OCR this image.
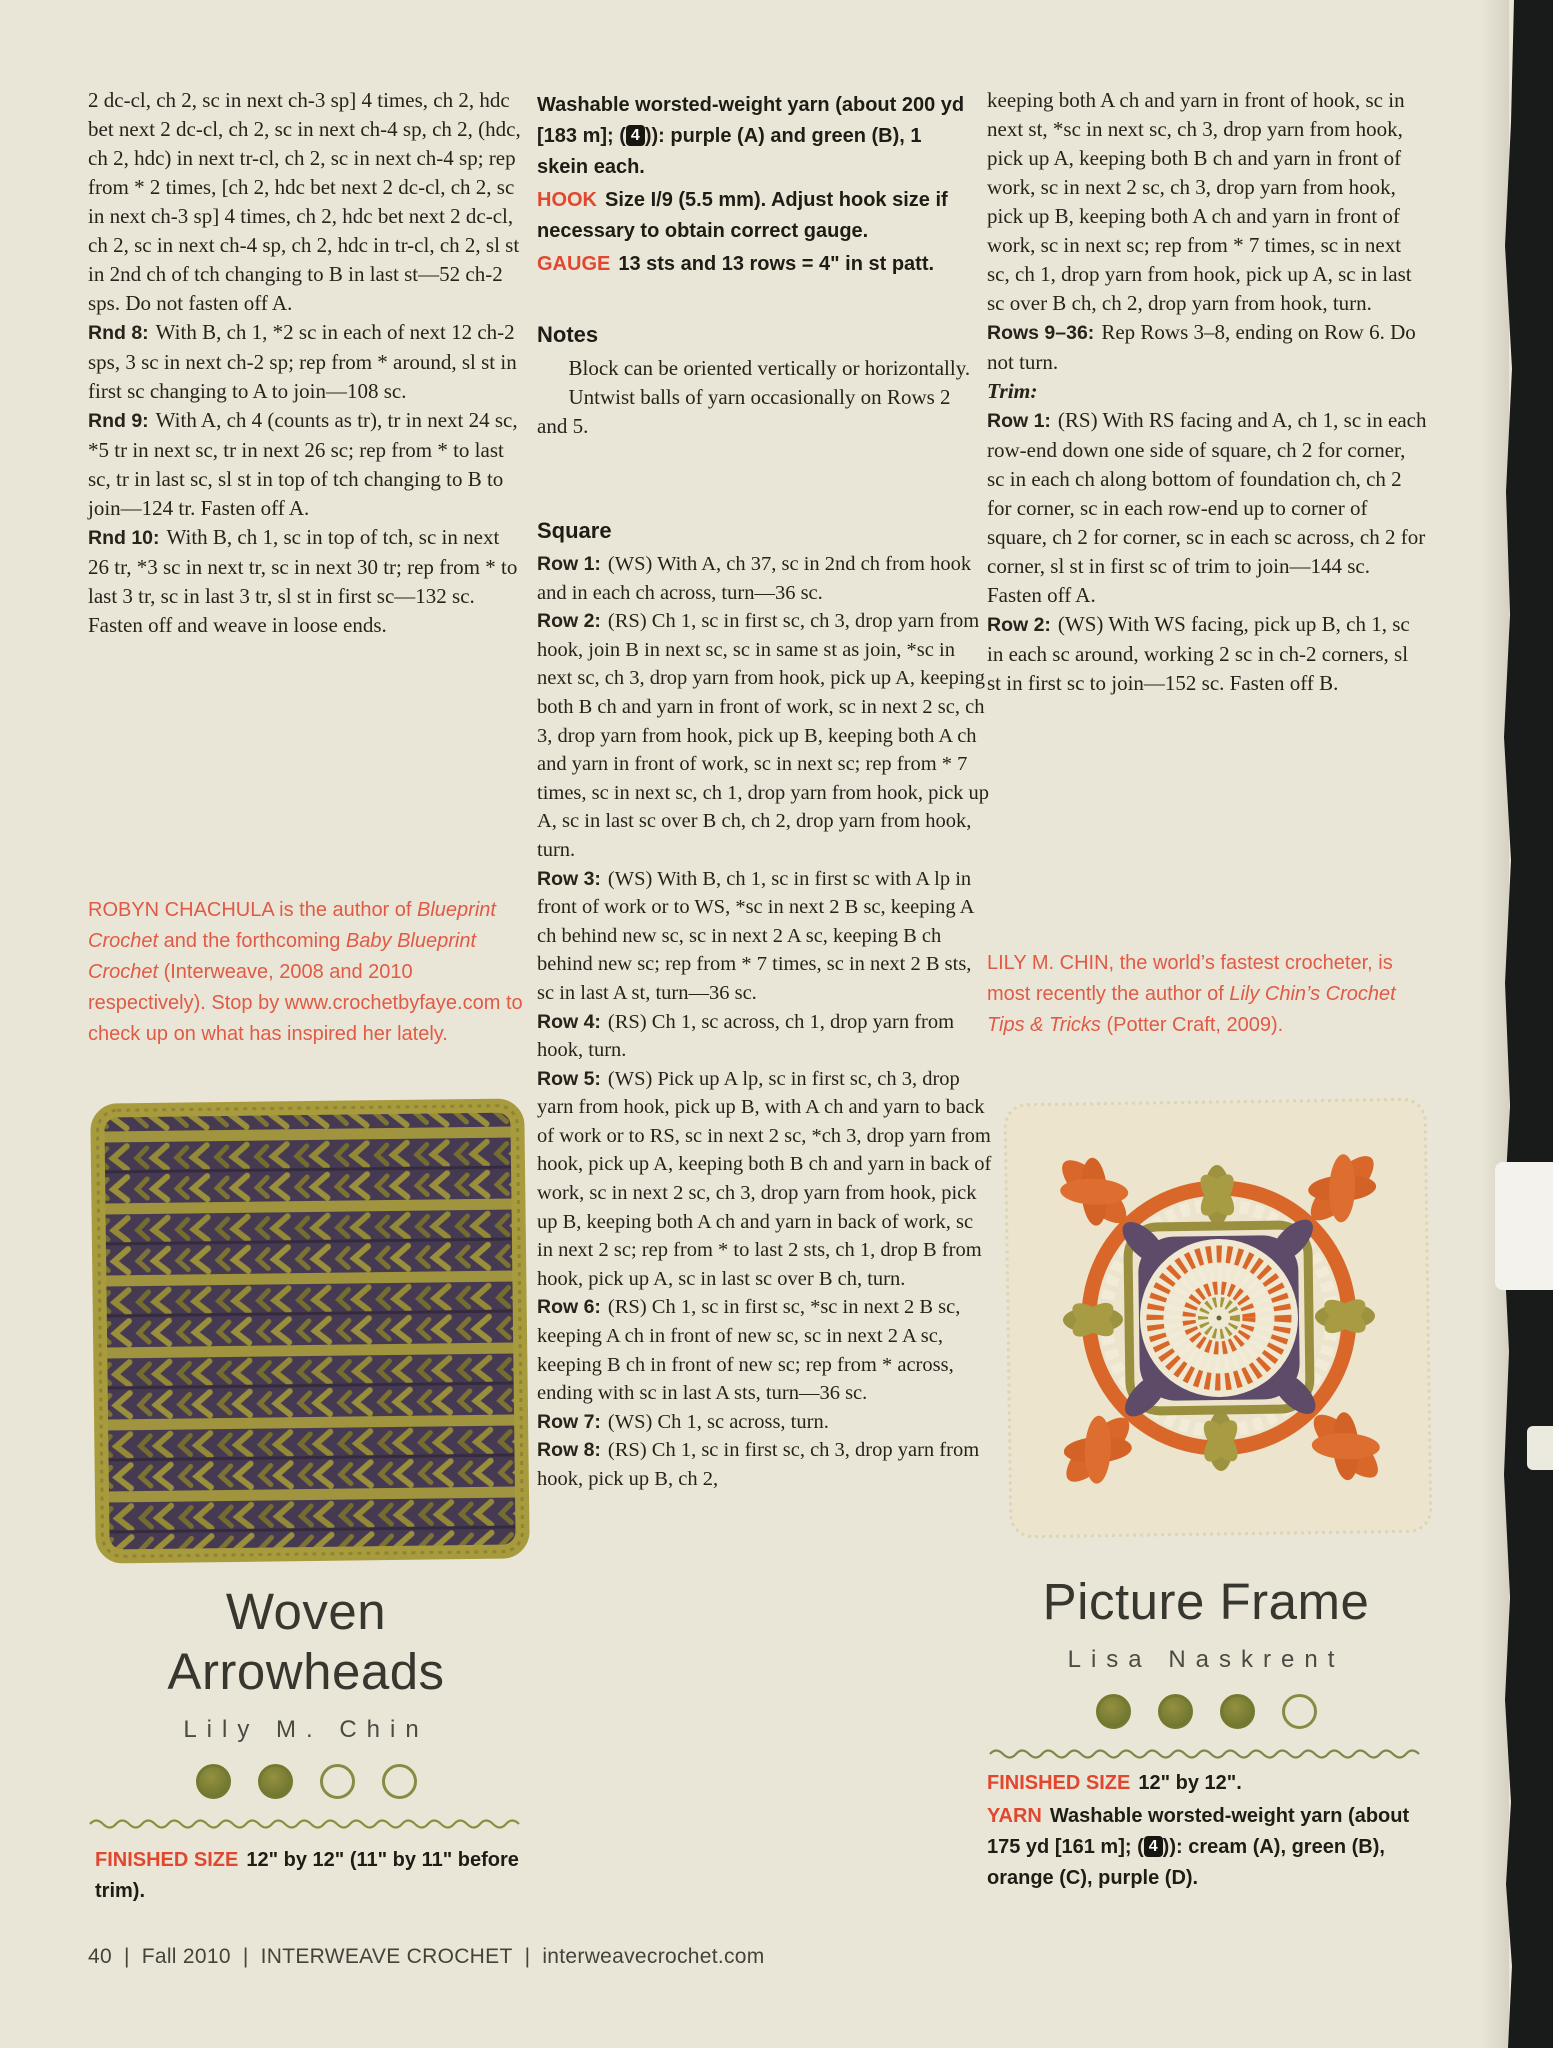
2 dc-cl, ch 2, sc in next ch-3 sp] 4 times, ch 2, hdc bet next 2 dc-cl, ch 2, sc in next ch-4 sp, ch 2, (hdc, ch 2, hdc) in next tr-cl, ch 2, sc in next ch-4 sp; rep from * 2 times, [ch 2, hdc bet next 2 dc-cl, ch 2, sc in next ch-3 sp] 4 times, ch 2, hdc bet next 2 dc-cl, ch 2, sc in next ch-4 sp, ch 2, hdc in tr-cl, ch 2, sl st in 2nd ch of tch changing to B in last st—52 ch-2 sps. Do not fasten off A.

Rnd 8: With B, ch 1, *2 sc in each of next 12 ch-2 sps, 3 sc in next ch-2 sp; rep from * around, sl st in first sc changing to A to join—108 sc.

Rnd 9: With A, ch 4 (counts as tr), tr in next 24 sc, *5 tr in next sc, tr in next 26 sc; rep from * to last sc, tr in last sc, sl st in top of tch changing to B to join—124 tr. Fasten off A.

Rnd 10: With B, ch 1, sc in top of tch, sc in next 26 tr, *3 sc in next tr, sc in next 30 tr; rep from * to last 3 tr, sc in last 3 tr, sl st in first sc—132 sc. Fasten off and weave in loose ends.

ROBYN CHACHULA is the author of Blueprint Crochet and the forthcoming Baby Blueprint Crochet (Interweave, 2008 and 2010 respectively). Stop by www.crochetbyfaye.com to check up on what has inspired her lately.
Woven
Arrowheads
Lily M. Chin

FINISHED SIZE 12" by 12" (11" by 11" before trim).

Washable worsted-weight yarn (about 200 yd [183 m]; ( 4 )): purple (A) and green (B), 1 skein each.

HOOK Size I/9 (5.5 mm). Adjust hook size if necessary to obtain correct gauge.

GAUGE 13 sts and 13 rows = 4" in st patt.

Notes

Block can be oriented vertically or horizontally.

Untwist balls of yarn occasionally on Rows 2 and 5.

Square

Row 1: (WS) With A, ch 37, sc in 2nd ch from hook and in each ch across, turn—36 sc.

Row 2: (RS) Ch 1, sc in first sc, ch 3, drop yarn from hook, join B in next sc, sc in same st as join, *sc in next sc, ch 3, drop yarn from hook, pick up A, keeping both B ch and yarn in front of work, sc in next 2 sc, ch 3, drop yarn from hook, pick up B, keeping both A ch and yarn in front of work, sc in next sc; rep from * 7 times, sc in next sc, ch 1, drop yarn from hook, pick up A, sc in last sc over B ch, ch 2, drop yarn from hook, turn.

Row 3: (WS) With B, ch 1, sc in first sc with A lp in front of work or to WS, *sc in next 2 B sc, keeping A ch behind new sc, sc in next 2 A sc, keeping B ch behind new sc; rep from * 7 times, sc in next 2 B sts, sc in last A st, turn—36 sc.

Row 4: (RS) Ch 1, sc across, ch 1, drop yarn from hook, turn.

Row 5: (WS) Pick up A lp, sc in first sc, ch 3, drop yarn from hook, pick up B, with A ch and yarn to back of work or to RS, sc in next 2 sc, *ch 3, drop yarn from hook, pick up A, keeping both B ch and yarn in back of work, sc in next 2 sc, ch 3, drop yarn from hook, pick up B, keeping both A ch and yarn in back of work, sc in next 2 sc; rep from * to last 2 sts, ch 1, drop B from hook, pick up A, sc in last sc over B ch, turn.

Row 6: (RS) Ch 1, sc in first sc, *sc in next 2 B sc, keeping A ch in front of new sc, sc in next 2 A sc, keeping B ch in front of new sc; rep from * across, ending with sc in last A sts, turn—36 sc.

Row 7: (WS) Ch 1, sc across, turn.

Row 8: (RS) Ch 1, sc in first sc, ch 3, drop yarn from hook, pick up B, ch 2,

keeping both A ch and yarn in front of hook, sc in next st, *sc in next sc, ch 3, drop yarn from hook, pick up A, keeping both B ch and yarn in front of work, sc in next 2 sc, ch 3, drop yarn from hook, pick up B, keeping both A ch and yarn in front of work, sc in next sc; rep from * 7 times, sc in next sc, ch 1, drop yarn from hook, pick up A, sc in last sc over B ch, ch 2, drop yarn from hook, turn.

Rows 9–36: Rep Rows 3–8, ending on Row 6. Do not turn.

Trim:

Row 1: (RS) With RS facing and A, ch 1, sc in each row-end down one side of square, ch 2 for corner, sc in each ch along bottom of foundation ch, ch 2 for corner, sc in each row-end up to corner of square, ch 2 for corner, sc in each sc across, ch 2 for corner, sl st in first sc of trim to join—144 sc. Fasten off A.

Row 2: (WS) With WS facing, pick up B, ch 1, sc in each sc around, working 2 sc in ch-2 corners, sl st in first sc to join—152 sc. Fasten off B.

LILY M. CHIN, the world’s fastest crocheter, is most recently the author of Lily Chin’s Crochet Tips & Tricks (Potter Craft, 2009).
Picture Frame
Lisa Naskrent

FINISHED SIZE 12" by 12".

YARN Washable worsted-weight yarn (about 175 yd [161 m]; ( 4 )): cream (A), green (B), orange (C), purple (D).

40 | Fall 2010 | INTERWEAVE CROCHET | interweavecrochet.com
